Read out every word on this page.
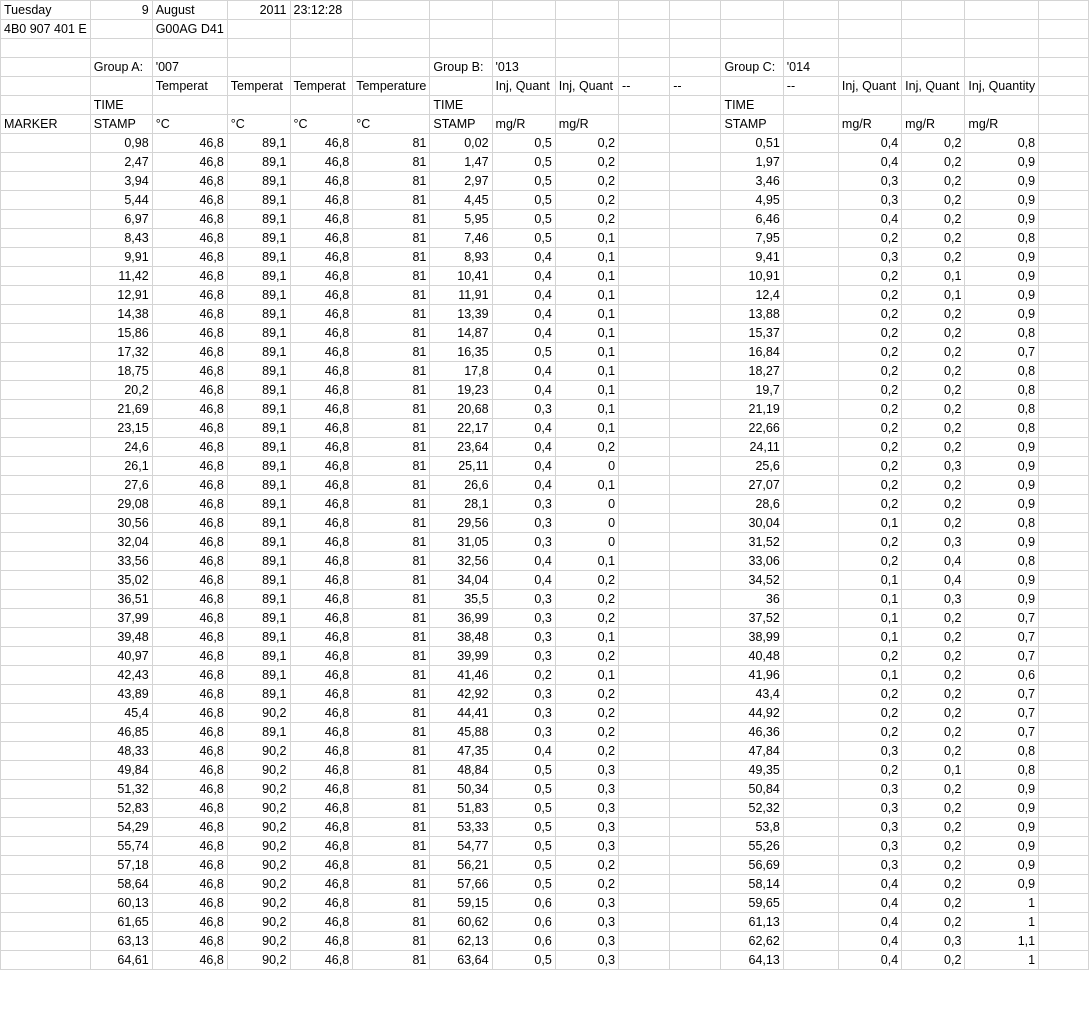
Tuesday	9	August	2011	23:12:28												
4B0 907 401 E		G00AG D41														

	Group A:	'007				Group B:	'013				Group C:	'014				
		Temperat	Temperat	Temperat	Temperature		Inj, Quant	Inj, Quant	--	--		--	Inj, Quant	Inj, Quant	Inj, Quantity	
	TIME					TIME					TIME					
MARKER	STAMP	°C	°C	°C	°C	STAMP	mg/R	mg/R			STAMP		mg/R	mg/R	mg/R	
	0,98	46,8	89,1	46,8	81	0,02	0,5	0,2			0,51		0,4	0,2	0,8	
	2,47	46,8	89,1	46,8	81	1,47	0,5	0,2			1,97		0,4	0,2	0,9	
	3,94	46,8	89,1	46,8	81	2,97	0,5	0,2			3,46		0,3	0,2	0,9	
	5,44	46,8	89,1	46,8	81	4,45	0,5	0,2			4,95		0,3	0,2	0,9	
	6,97	46,8	89,1	46,8	81	5,95	0,5	0,2			6,46		0,4	0,2	0,9	
	8,43	46,8	89,1	46,8	81	7,46	0,5	0,1			7,95		0,2	0,2	0,8	
	9,91	46,8	89,1	46,8	81	8,93	0,4	0,1			9,41		0,3	0,2	0,9	
	11,42	46,8	89,1	46,8	81	10,41	0,4	0,1			10,91		0,2	0,1	0,9	
	12,91	46,8	89,1	46,8	81	11,91	0,4	0,1			12,4		0,2	0,1	0,9	
	14,38	46,8	89,1	46,8	81	13,39	0,4	0,1			13,88		0,2	0,2	0,9	
	15,86	46,8	89,1	46,8	81	14,87	0,4	0,1			15,37		0,2	0,2	0,8	
	17,32	46,8	89,1	46,8	81	16,35	0,5	0,1			16,84		0,2	0,2	0,7	
	18,75	46,8	89,1	46,8	81	17,8	0,4	0,1			18,27		0,2	0,2	0,8	
	20,2	46,8	89,1	46,8	81	19,23	0,4	0,1			19,7		0,2	0,2	0,8	
	21,69	46,8	89,1	46,8	81	20,68	0,3	0,1			21,19		0,2	0,2	0,8	
	23,15	46,8	89,1	46,8	81	22,17	0,4	0,1			22,66		0,2	0,2	0,8	
	24,6	46,8	89,1	46,8	81	23,64	0,4	0,2			24,11		0,2	0,2	0,9	
	26,1	46,8	89,1	46,8	81	25,11	0,4	0			25,6		0,2	0,3	0,9	
	27,6	46,8	89,1	46,8	81	26,6	0,4	0,1			27,07		0,2	0,2	0,9	
	29,08	46,8	89,1	46,8	81	28,1	0,3	0			28,6		0,2	0,2	0,9	
	30,56	46,8	89,1	46,8	81	29,56	0,3	0			30,04		0,1	0,2	0,8	
	32,04	46,8	89,1	46,8	81	31,05	0,3	0			31,52		0,2	0,3	0,9	
	33,56	46,8	89,1	46,8	81	32,56	0,4	0,1			33,06		0,2	0,4	0,8	
	35,02	46,8	89,1	46,8	81	34,04	0,4	0,2			34,52		0,1	0,4	0,9	
	36,51	46,8	89,1	46,8	81	35,5	0,3	0,2			36		0,1	0,3	0,9	
	37,99	46,8	89,1	46,8	81	36,99	0,3	0,2			37,52		0,1	0,2	0,7	
	39,48	46,8	89,1	46,8	81	38,48	0,3	0,1			38,99		0,1	0,2	0,7	
	40,97	46,8	89,1	46,8	81	39,99	0,3	0,2			40,48		0,2	0,2	0,7	
	42,43	46,8	89,1	46,8	81	41,46	0,2	0,1			41,96		0,1	0,2	0,6	
	43,89	46,8	89,1	46,8	81	42,92	0,3	0,2			43,4		0,2	0,2	0,7	
	45,4	46,8	90,2	46,8	81	44,41	0,3	0,2			44,92		0,2	0,2	0,7	
	46,85	46,8	89,1	46,8	81	45,88	0,3	0,2			46,36		0,2	0,2	0,7	
	48,33	46,8	90,2	46,8	81	47,35	0,4	0,2			47,84		0,3	0,2	0,8	
	49,84	46,8	90,2	46,8	81	48,84	0,5	0,3			49,35		0,2	0,1	0,8	
	51,32	46,8	90,2	46,8	81	50,34	0,5	0,3			50,84		0,3	0,2	0,9	
	52,83	46,8	90,2	46,8	81	51,83	0,5	0,3			52,32		0,3	0,2	0,9	
	54,29	46,8	90,2	46,8	81	53,33	0,5	0,3			53,8		0,3	0,2	0,9	
	55,74	46,8	90,2	46,8	81	54,77	0,5	0,3			55,26		0,3	0,2	0,9	
	57,18	46,8	90,2	46,8	81	56,21	0,5	0,2			56,69		0,3	0,2	0,9	
	58,64	46,8	90,2	46,8	81	57,66	0,5	0,2			58,14		0,4	0,2	0,9	
	60,13	46,8	90,2	46,8	81	59,15	0,6	0,3			59,65		0,4	0,2	1	
	61,65	46,8	90,2	46,8	81	60,62	0,6	0,3			61,13		0,4	0,2	1	
	63,13	46,8	90,2	46,8	81	62,13	0,6	0,3			62,62		0,4	0,3	1,1	
	64,61	46,8	90,2	46,8	81	63,64	0,5	0,3			64,13		0,4	0,2	1	
